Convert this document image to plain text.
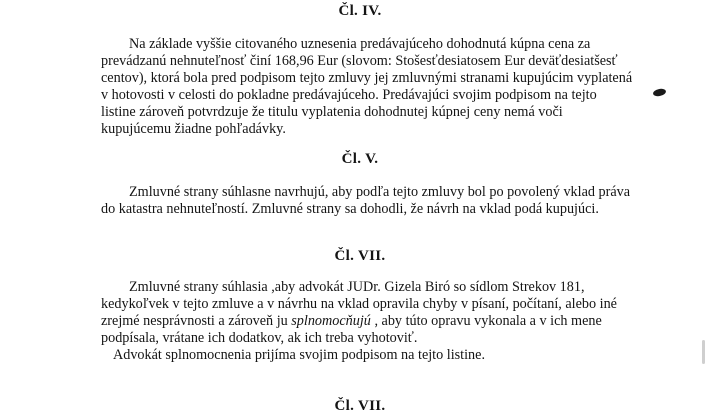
Čl. IV.

Na základe vyššie citovaného uznesenia predávajúceho dohodnutá kúpna cena za

prevádzanú nehnuteľnosť činí 168,96 Eur (slovom: Stošesťdesiatosem Eur deväťdesiatšesť

centov), ktorá bola pred podpisom tejto zmluvy jej zmluvnými stranami kupujúcim vyplatená

v hotovosti v celosti do pokladne predávajúceho. Predávajúci svojim podpisom na tejto

listine zároveň potvrdzuje že titulu vyplatenia dohodnutej kúpnej ceny nemá voči

kupujúcemu žiadne pohľadávky.

Čl. V.

Zmluvné strany súhlasne navrhujú, aby podľa tejto zmluvy bol po povolený vklad práva

do katastra nehnuteľností. Zmluvné strany sa dohodli, že návrh na vklad podá kupujúci.

Čl. VII.

Zmluvné strany súhlasia ,aby advokát JUDr. Gizela Biró so sídlom Strekov 181,

kedykoľvek v tejto zmluve a v návrhu na vklad opravila chyby v písaní, počítaní, alebo iné

zrejmé nesprávnosti a zároveň ju splnomocňujú , aby túto opravu vykonala a v ich mene

podpísala, vrátane ich dodatkov, ak ich treba vyhotoviť.

Advokát splnomocnenia prijíma svojim podpisom na tejto listine.

Čl. VII.
